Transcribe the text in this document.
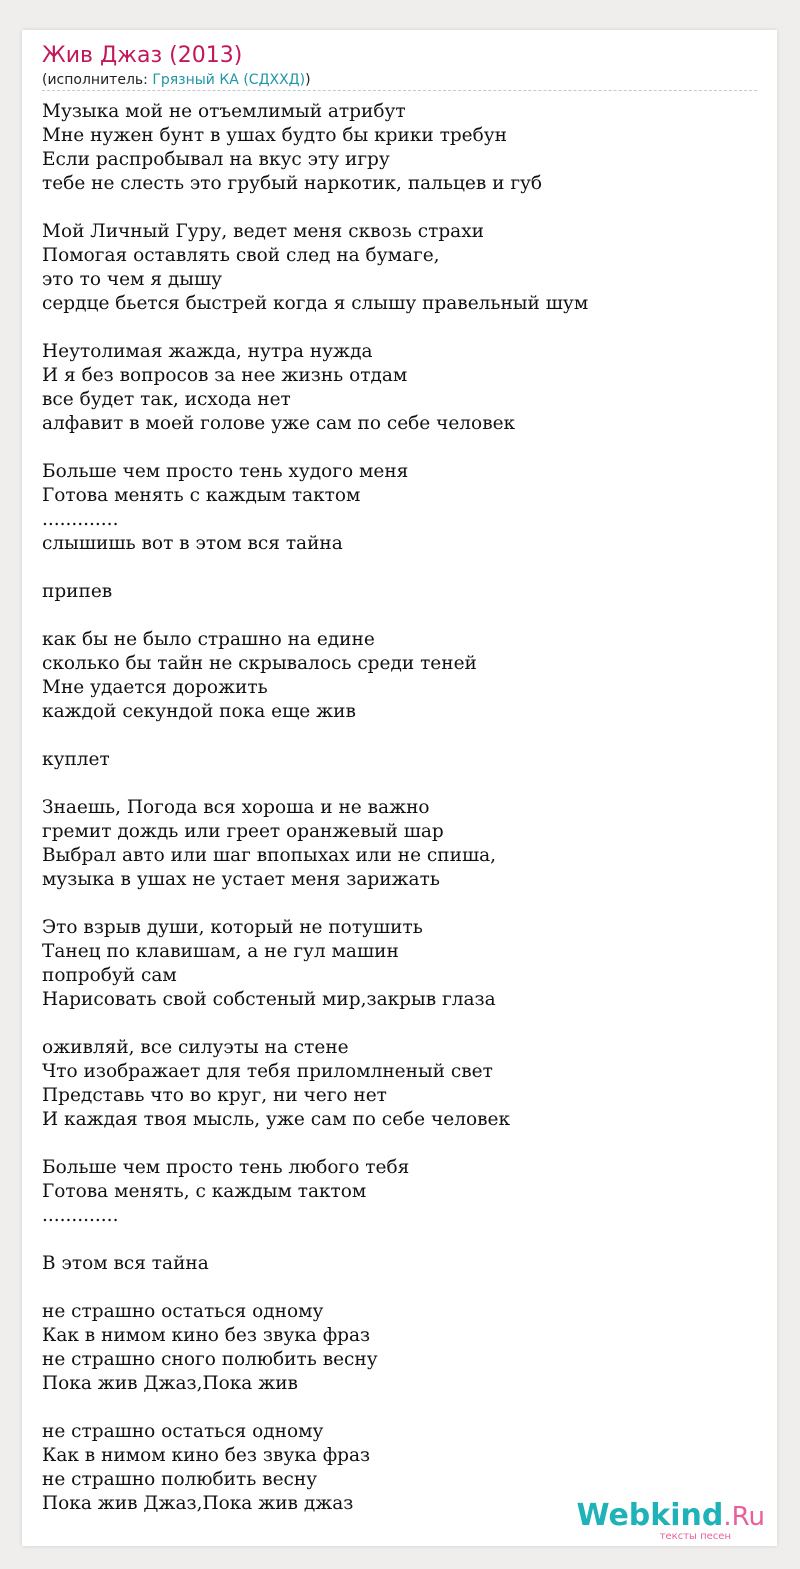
Жив Джаз (2013)
(исполнитель: Грязный КА (СДХХД))
Музыка мой не отъемлимый атрибут
Мне нужен бунт в ушах будто бы крики требун
Если распробывал на вкус эту игру
тебе не слесть это грубый наркотик, пальцев и губ
Мой Личный Гуру, ведет меня сквозь страхи
Помогая оставлять свой след на бумаге,
это то чем я дышу
сердце бьется быстрей когда я слышу правельный шум
Неутолимая жажда, нутра нужда
И я без вопросов за нее жизнь отдам
все будет так, исхода нет
алфавит в моей голове уже сам по себе человек
Больше чем просто тень худого меня
Готова менять с каждым тактом
.............
слышишь вот в этом вся тайна
припев
как бы не было страшно на едине
сколько бы тайн не скрывалось среди теней
Мне удается дорожить
каждой секундой пока еще жив
куплет
Знаешь, Погода вся хороша и не важно
гремит дождь или греет оранжевый шар
Выбрал авто или шаг впопыхах или не спиша,
музыка в ушах не устает меня зарижать
Это взрыв души, который не потушить
Танец по клавишам, а не гул машин
попробуй сам
Нарисовать свой собстеный мир,закрыв глаза
оживляй, все силуэты на стене
Что изображает для тебя приломлненый свет
Представь что во круг, ни чего нет
И каждая твоя мысль, уже сам по себе человек
Больше чем просто тень любого тебя
Готова менять, с каждым тактом
.............
В этом вся тайна
не страшно остаться одному
Как в нимом кино без звука фраз
не страшно сного полюбить весну
Пока жив Джаз,Пока жив
не страшно остаться одному
Как в нимом кино без звука фраз
не страшно полюбить весну
Пока жив Джаз,Пока жив джаз	Webkind.Ru
тексты песен
